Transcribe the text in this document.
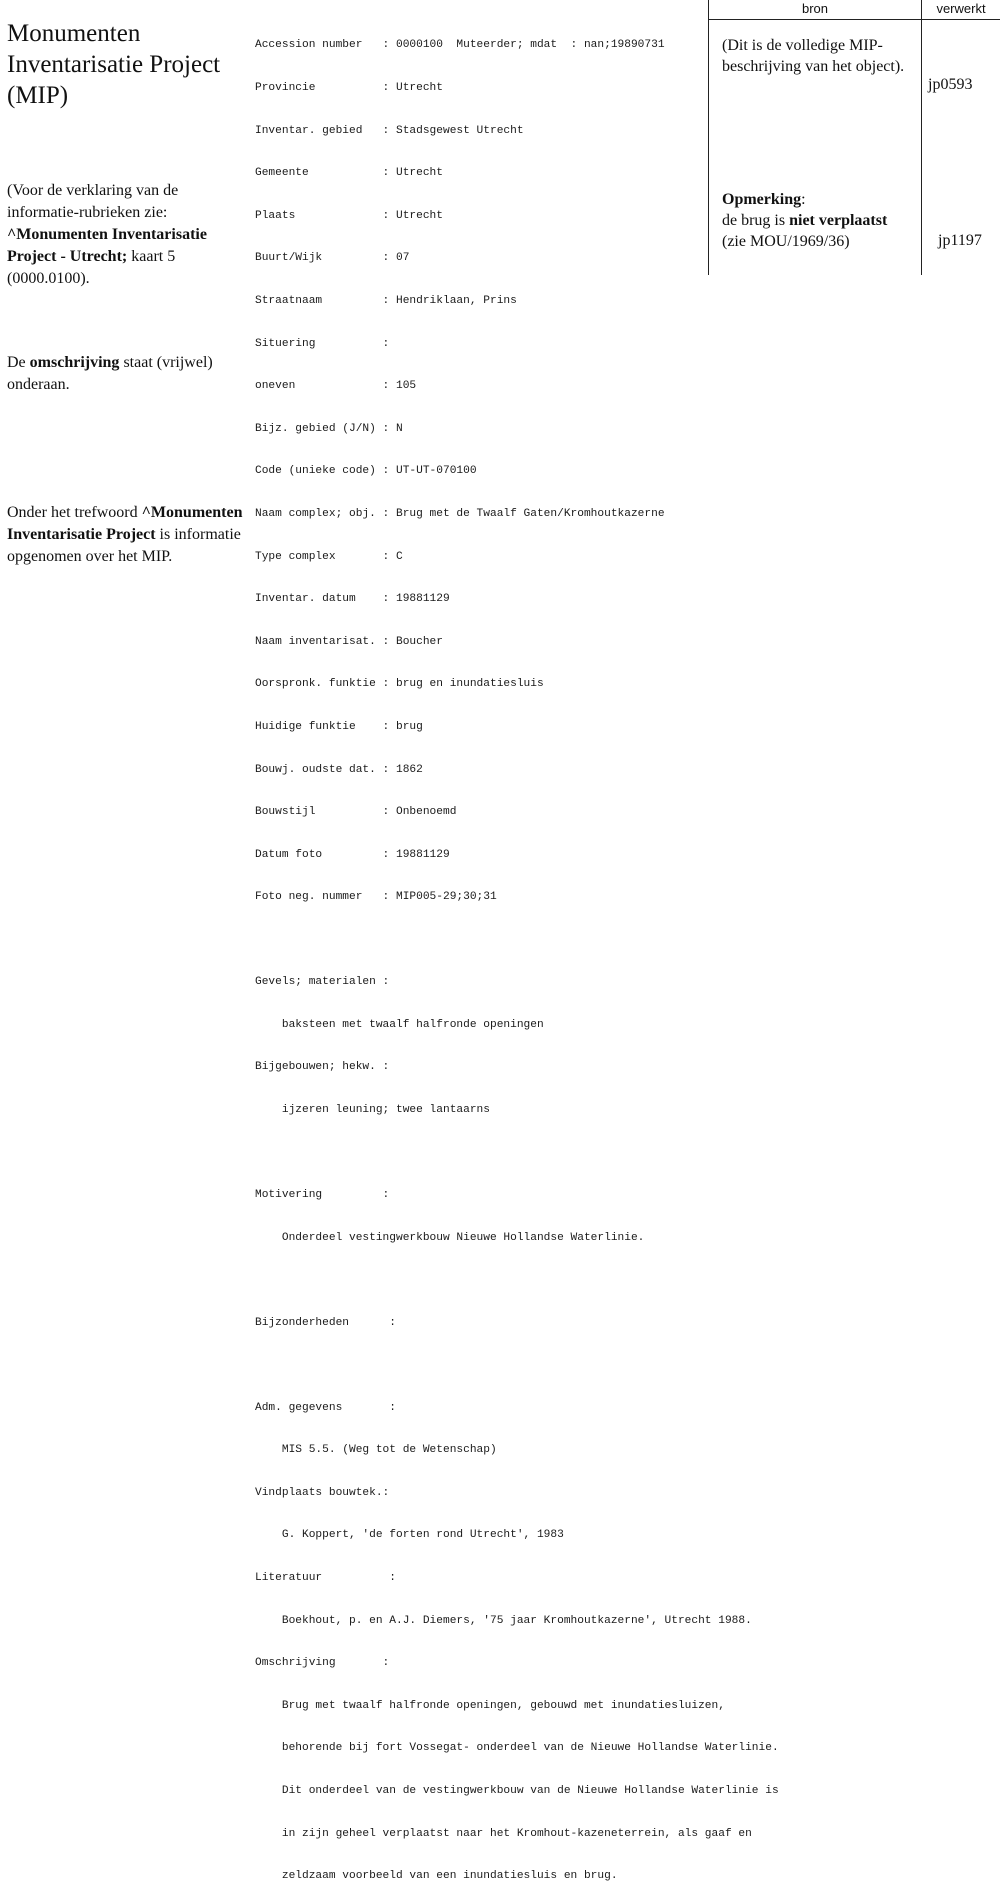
Monumenten Inventarisatie Project (MIP)
(Voor de verklaring van de informatie-rubrieken zie: ^Monumenten Inventarisatie Project - Utrecht; kaart 5 (0000.0100).
De omschrijving staat (vrijwel) onderaan.
Onder het trefwoord ^Monumenten Inventarisatie Project is informatie opgenomen over het MIP.

Accession number   : 0000100  Muteerder; mdat  : nan;19890731

Provincie          : Utrecht

Inventar. gebied   : Stadsgewest Utrecht

Gemeente           : Utrecht

Plaats             : Utrecht

Buurt/Wijk         : 07

Straatnaam         : Hendriklaan, Prins

Situering          :

oneven             : 105

Bijz. gebied (J/N) : N

Code (unieke code) : UT-UT-070100

Naam complex; obj. : Brug met de Twaalf Gaten/Kromhoutkazerne

Type complex       : C

Inventar. datum    : 19881129

Naam inventarisat. : Boucher

Oorspronk. funktie : brug en inundatiesluis

Huidige funktie    : brug

Bouwj. oudste dat. : 1862

Bouwstijl          : Onbenoemd

Datum foto         : 19881129

Foto neg. nummer   : MIP005-29;30;31

Gevels; materialen :

baksteen met twaalf halfronde openingen

Bijgebouwen; hekw. :

ijzeren leuning; twee lantaarns

Motivering         :

Onderdeel vestingwerkbouw Nieuwe Hollandse Waterlinie.

Bijzonderheden      :

Adm. gegevens       :

MIS 5.5. (Weg tot de Wetenschap)

Vindplaats bouwtek.:

G. Koppert, 'de forten rond Utrecht', 1983

Literatuur          :

Boekhout, p. en A.J. Diemers, '75 jaar Kromhoutkazerne', Utrecht 1988.

Omschrijving       :

Brug met twaalf halfronde openingen, gebouwd met inundatiesluizen,

behorende bij fort Vossegat- onderdeel van de Nieuwe Hollandse Waterlinie.

Dit onderdeel van de vestingwerkbouw van de Nieuwe Hollandse Waterlinie is

in zijn geheel verplaatst naar het Kromhout-kazeneterrein, als gaaf en

zeldzaam voorbeeld van een inundatiesluis en brug.

bron	verwerkt
(Dit is de volledige MIP-beschrijving van het object).
jp0593
Opmerking:
de brug is niet verplaatst
(zie MOU/1969/36)	jp1197
